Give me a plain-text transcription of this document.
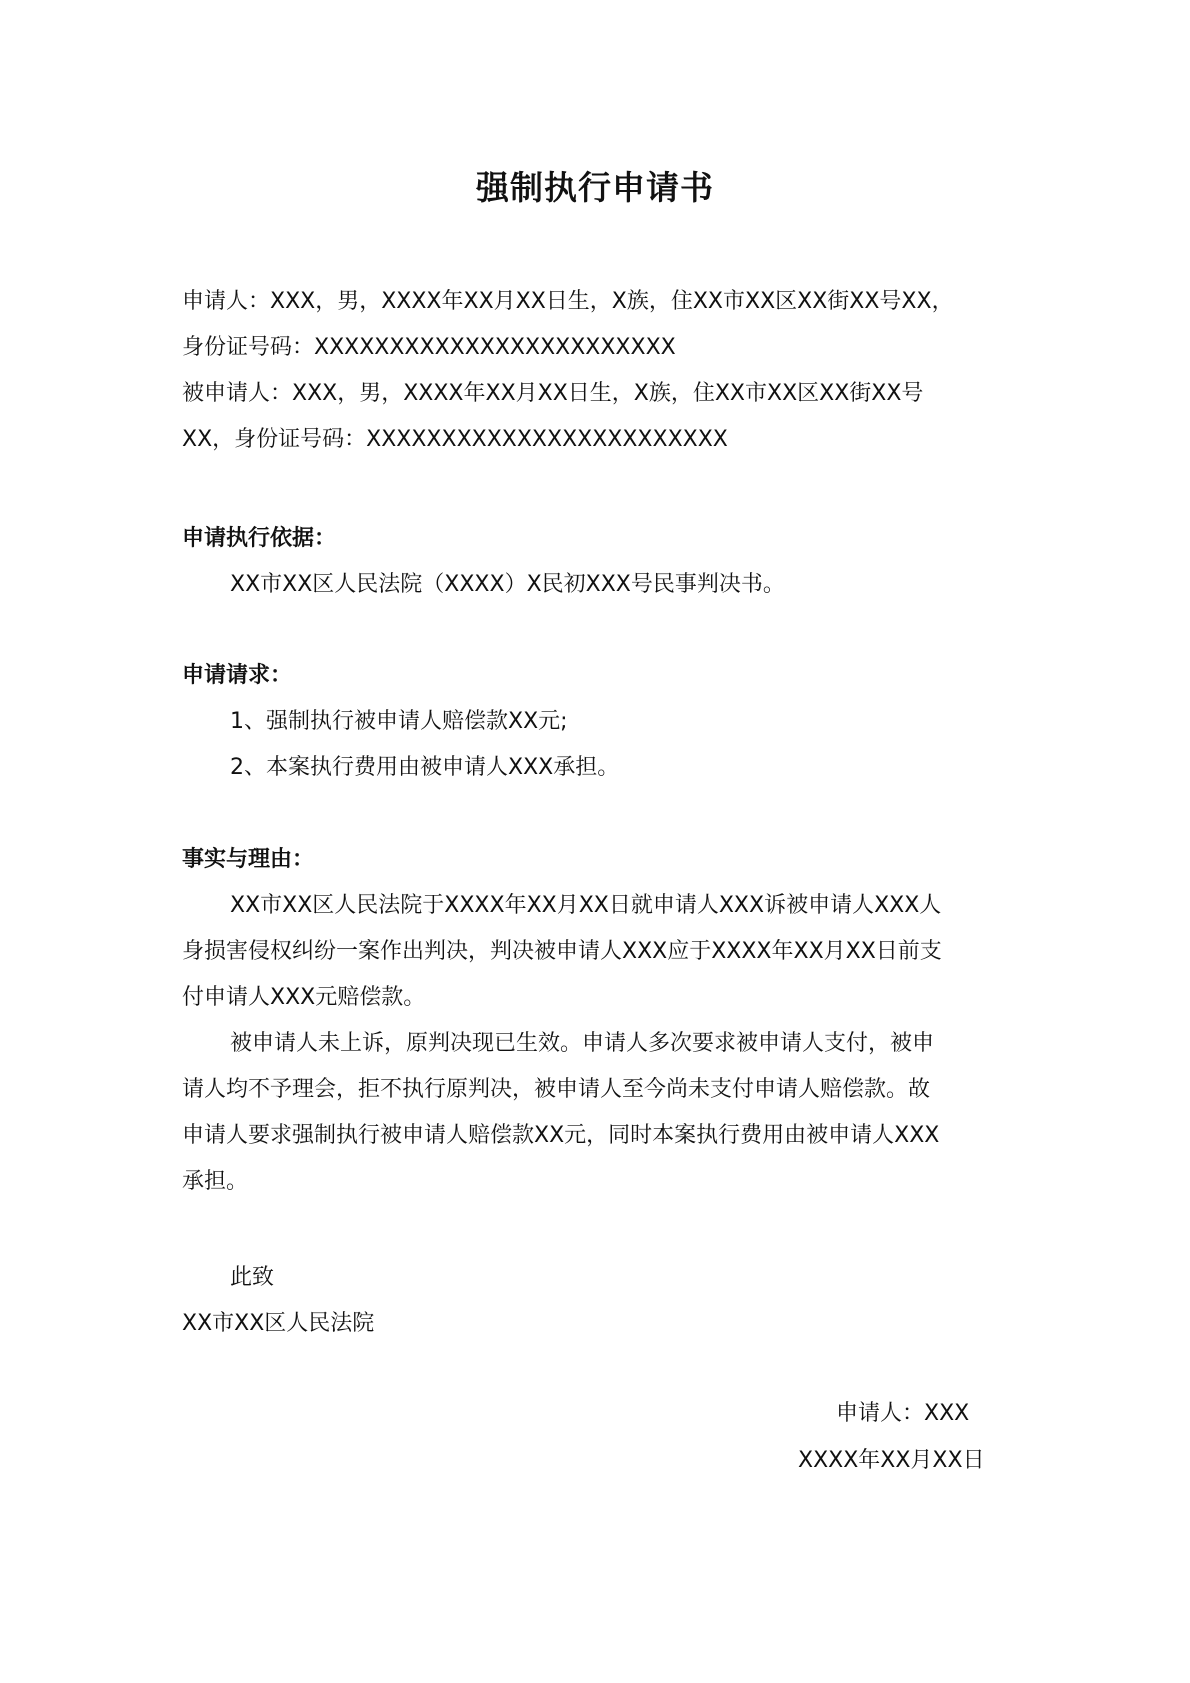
强制执行申请书

申请人：XXX，男，XXXX年XX月XX日生，X族，住XX市XX区XX街XX号XX，

身份证号码：XXXXXXXXXXXXXXXXXXXXXXXX

被申请人：XXX，男，XXXX年XX月XX日生，X族，住XX市XX区XX街XX号

XX，身份证号码：XXXXXXXXXXXXXXXXXXXXXXXX

申请执行依据：

XX市XX区人民法院（XXXX）X民初XXX号民事判决书。

申请请求：

1、强制执行被申请人赔偿款XX元;

2、本案执行费用由被申请人XXX承担。

事实与理由：

XX市XX区人民法院于XXXX年XX月XX日就申请人XXX诉被申请人XXX人

身损害侵权纠纷一案作出判决，判决被申请人XXX应于XXXX年XX月XX日前支

付申请人XXX元赔偿款。

被申请人未上诉，原判决现已生效。申请人多次要求被申请人支付，被申

请人均不予理会，拒不执行原判决，被申请人至今尚未支付申请人赔偿款。故

申请人要求强制执行被申请人赔偿款XX元，同时本案执行费用由被申请人XXX

承担。

此致

XX市XX区人民法院

申请人：XXX

XXXX年XX月XX日
